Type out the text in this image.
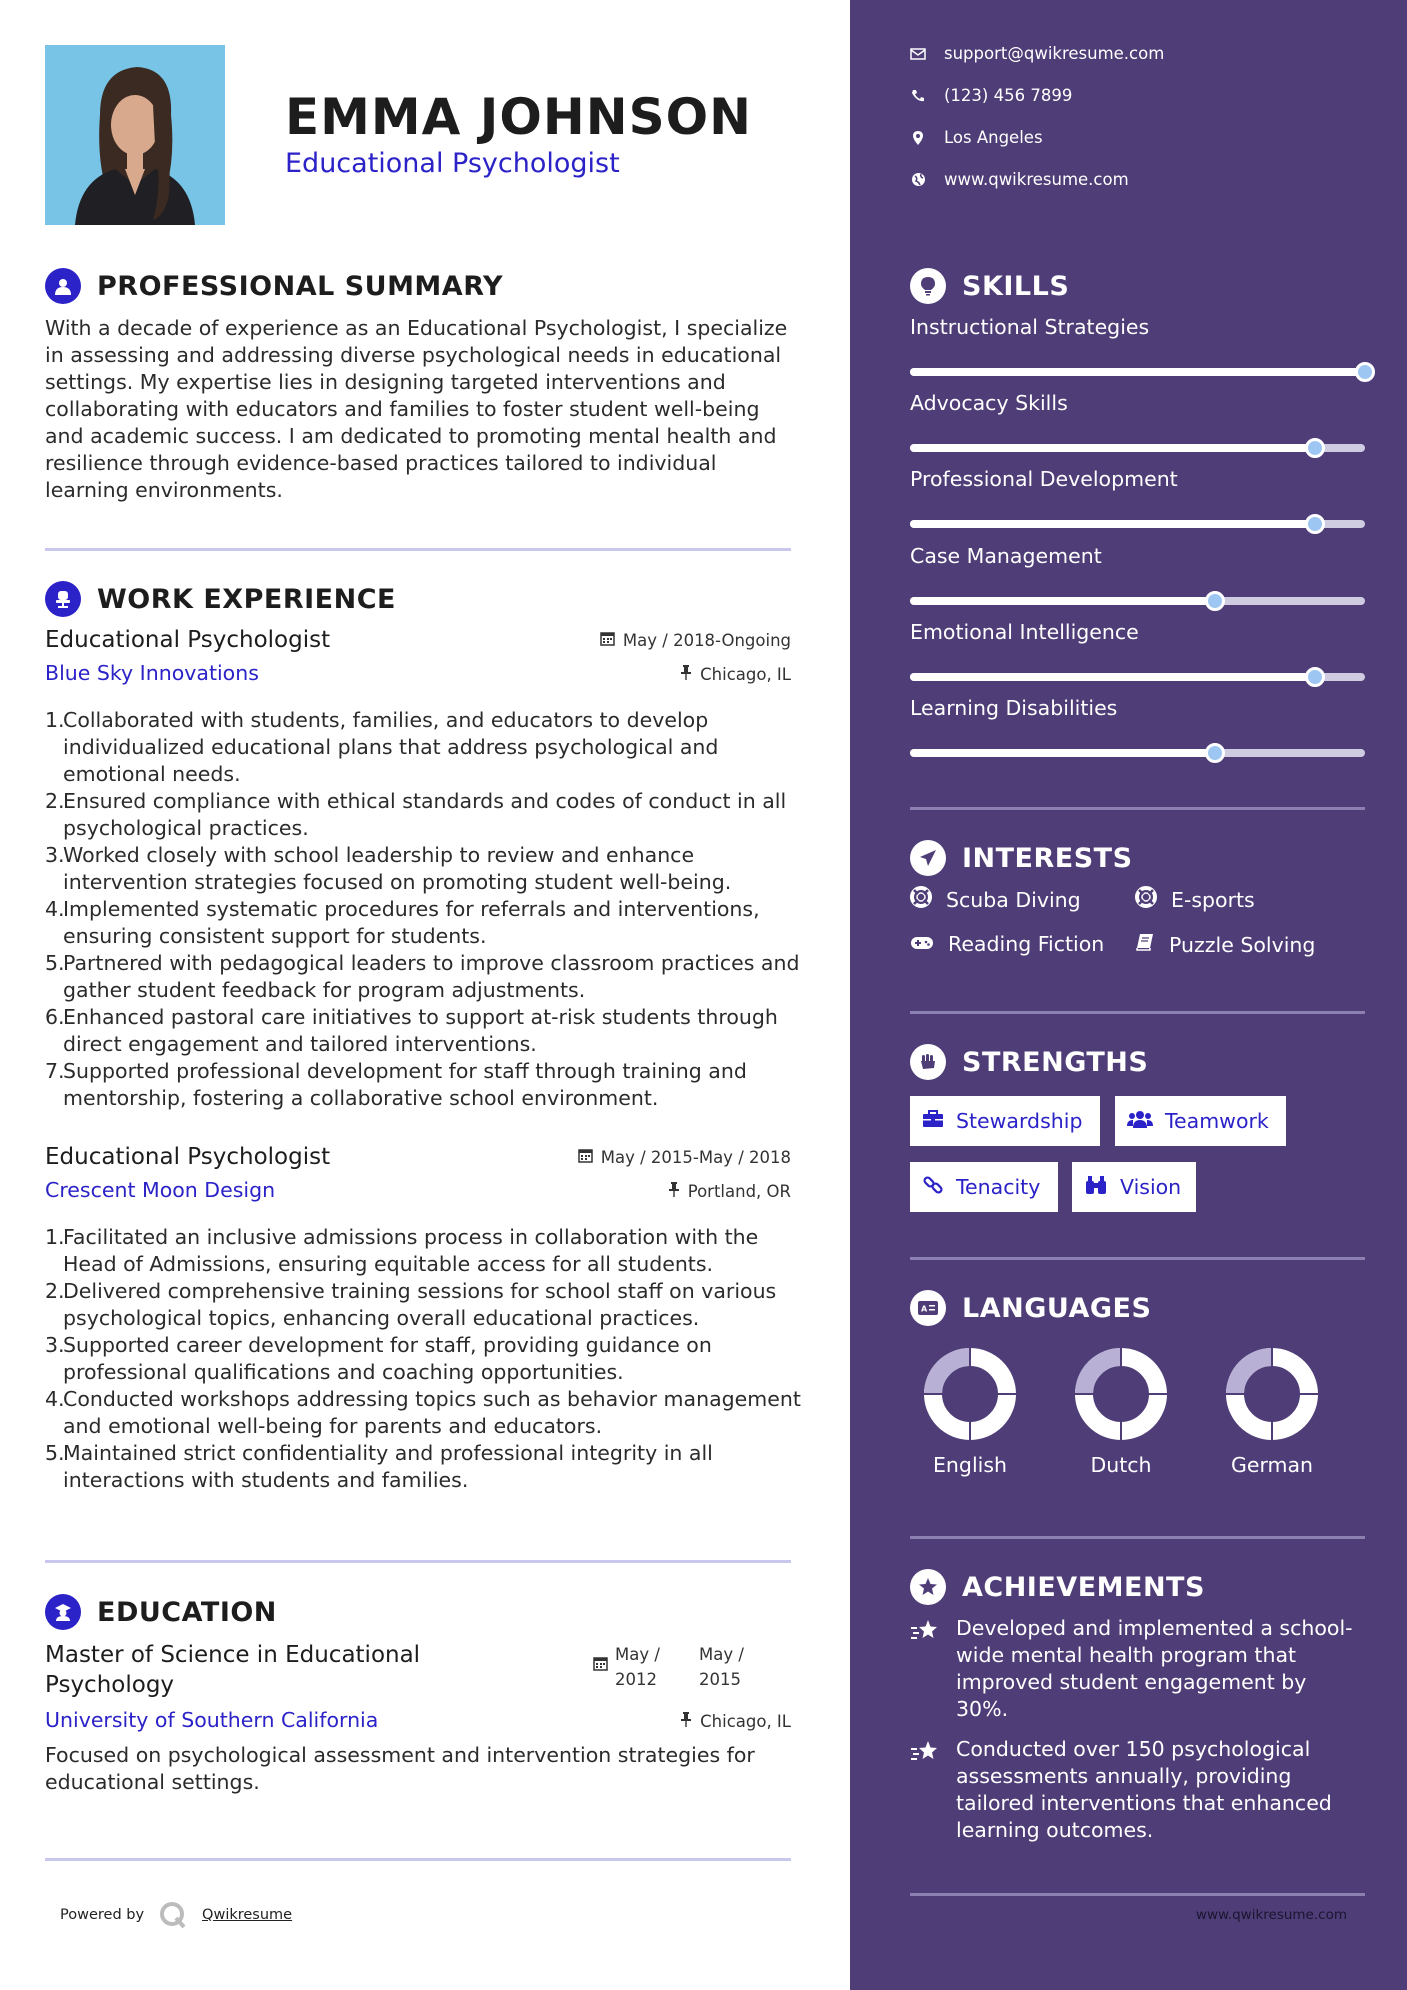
EMMA JOHNSON
Educational Psychologist
PROFESSIONAL SUMMARY
With a decade of experience as an Educational Psychologist, I specialize in assessing and addressing diverse psychological needs in educational settings. My expertise lies in designing targeted interventions and collaborating with educators and families to foster student well-being and academic success. I am dedicated to promoting mental health and resilience through evidence-based practices tailored to individual learning environments.
WORK EXPERIENCE
Educational Psychologist
Blue Sky Innovations
May / 2018-Ongoing
Chicago, IL
1.
Collaborated with students, families, and educators to develop individualized educational plans that address psychological and emotional needs.
2.
Ensured compliance with ethical standards and codes of conduct in all psychological practices.
3.
Worked closely with school leadership to review and enhance intervention strategies focused on promoting student well-being.
4.
Implemented systematic procedures for referrals and interventions, ensuring consistent support for students.
5.
Partnered with pedagogical leaders to improve classroom practices and gather student feedback for program adjustments.
6.
Enhanced pastoral care initiatives to support at-risk students through direct engagement and tailored interventions.
7.
Supported professional development for staff through training and mentorship, fostering a collaborative school environment.
Educational Psychologist
Crescent Moon Design
May / 2015-May / 2018
Portland, OR
1.
Facilitated an inclusive admissions process in collaboration with the Head of Admissions, ensuring equitable access for all students.
2.
Delivered comprehensive training sessions for school staff on various psychological topics, enhancing overall educational practices.
3.
Supported career development for staff, providing guidance on professional qualifications and coaching opportunities.
4.
Conducted workshops addressing topics such as behavior management and emotional well-being for parents and educators.
5.
Maintained strict confidentiality and professional integrity in all interactions with students and families.
EDUCATION
Master of Science in Educational Psychology
University of Southern California
Focused on psychological assessment and intervention strategies for educational settings.
May / 2012
May / 2015
Chicago, IL
Powered by	Qwikresume
support@qwikresume.com
(123) 456 7899
Los Angeles
www.qwikresume.com
SKILLS
Instructional Strategies
Advocacy Skills
Professional Development
Case Management
Emotional Intelligence
Learning Disabilities
INTERESTS
Scuba Diving	E-sports
Reading Fiction	Puzzle Solving
STRENGTHS
Stewardship	Teamwork
Tenacity	Vision
A LANGUAGES
English	Dutch	German
ACHIEVEMENTS
Developed and implemented a school-wide mental health program that improved student engagement by 30%.
Conducted over 150 psychological assessments annually, providing tailored interventions that enhanced learning outcomes.
www.qwikresume.com
